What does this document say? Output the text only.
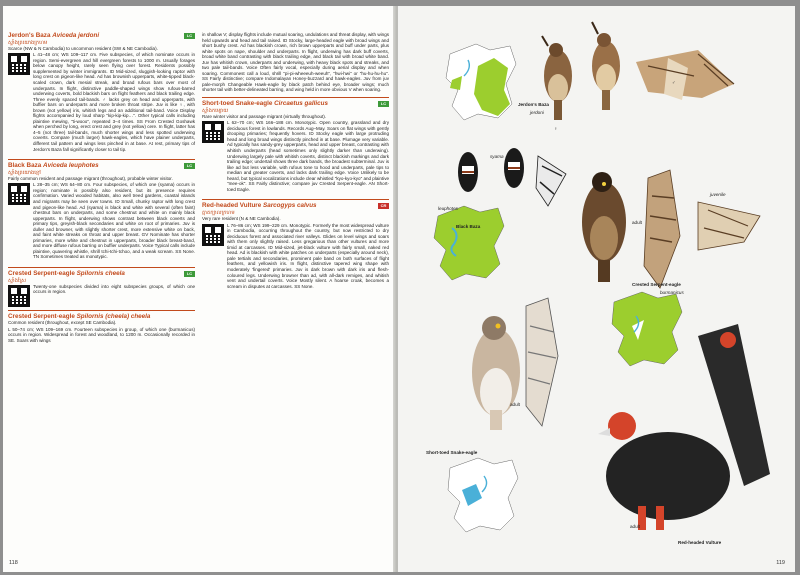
Jerdon's Baza Aviceda jerdoni	LC
ស្ទាំងត្រយោងក្រហម
Scarce (NW & N Cambodia) to uncommon resident (SW & NE Cambodia).
L 41–48 cm; WS 109–117 cm. Five subspecies, of which nominate occurs in region. Semi-evergreen and hill evergreen forests to 1000 m. Usually forages below canopy height, rarely seen flying over forest. Residents possibly supplemented by winter immigrants. ID Mid-sized, sluggish-looking raptor with long crest on pigeon-like head. Ad has brownish upperparts, white-tipped black-scaled crown, dark mesial streak, and broad rufous bars over most of underparts. In flight, distinctive paddle-shaped wings show rufous-barred underwing coverts, bold blackish bars on flight feathers and black trailing edge. Three evenly spaced tail-bands. ♂ lacks grey on head and upperparts, with buffier bars on underparts and more broken throat stripe. Juv is like ♀, with brown (not yellow) iris, whitish legs and an additional tail-band. Voice Display flights accompanied by loud sharp "kip-kip-kip…". Other typical calls including plaintive mewing, "ti-wooo", repeated 3–4 times. SS From Crested Goshawk when perched by long, erect crest and grey (not yellow) cere. In flight, latter has 4–5 (not three) tail-bands, much shorter wings and less spotted underwing coverts. Compare (much larger) hawk-eagles, which have plainer underparts, different tail pattern and wings less pinched in at base. At rest, primary tips of Jerdon's Baza fall significantly closer to tail tip.
Black Baza Aviceda leuphotes	LC
ស្ទាំងត្រយោងខ្មៅ
Fairly common resident and passage migrant (throughout), probable winter visitor.
L 28–35 cm; WS 64–80 cm. Four subspecies, of which one (syama) occurs in region; nominate is possibly also resident, but its presence requires confirmation. Varied wooded habitats, also well treed gardens, coastal islands and migrants may be seen over towns. ID Small, chunky raptor with long crest and pigeon-like head. Ad (syama) is black and white with several (often faint) chestnut bars on underparts, and some chestnut and white on mainly black upperparts. In flight, underwing shows contrast between black coverts and primary tips, greyish-black secondaries and white on root of primaries. Juv is duller and browner, with slightly shorter crest, more extensive white on back, and faint white streaks on throat and upper breast. GV Nominate has shorter primaries, more white and chestnut in upperparts, broader black breast-band, and more diffuse rufous barring on buffier underparts. Voice Typical calls include plaintive, quavering whistle, shrill tchi-tchi-tchoo, and a weak scream. SS None. TN Sometimes treated as monotypic.
Crested Serpent-eagle Spilornis cheela	LC
ស្ទាំងស្រែ
Twenty-one subspecies divided into eight subspecies groups, of which one occurs in region.
Crested Serpent-eagle Spilornis (cheela) cheela
Common resident (throughout, except SE Cambodia).
L 50–74 cm; WS 109–169 cm. Fourteen subspecies in group, of which one (burmanicus) occurs in region. Widespread in forest and woodland, to 1200 m. Occasionally recorded in SE. Soars with wings
in shallow V; display flights include mutual soaring, undulations and threat display, with wings held upwards and head and tail raised. ID Stocky, large-headed eagle with broad wings and short bushy crest. Ad has blackish crown, rich brown upperparts and buff under parts, plus white spots on nape, shoulder and underparts. In flight, underwing has dark buff coverts, broad white band contrasting with black trailing edge, and black tail with broad white band. Juv has whitish crown, underparts and underwing, with heavy black spots and streaks, and two pale tail-bands. Voice Often fairly vocal, especially during aerial display and when soaring. Commonest call a loud, shrill "pi-pi-wheeeuh-weeuh", "hwi-hwi" or "hu-hu-hu-hu". SS Fairly distinctive; compare Indomalayan Honey-buzzard and hawk-eagles. Juv from juv pale-morph Changeable Hawk-eagle by black patch behind eye, broader wings; much shorter tail with better-delineated barring, and wing held in more obvious V when soaring.
Short-toed Snake-eagle Circaetus gallicus	LC
ស្ទាំងកម្សោយ
Rare winter visitor and passage migrant (virtually throughout).
L 62–70 cm; WS 166–188 cm. Monotypic. Open country, grassland and dry deciduous forest in lowlands. Records Aug–May. Soars on flat wings with gently drooping primaries; frequently hovers. ID Stocky eagle with large protruding head and long broad wings distinctly pinched in at base. Plumage very variable. Ad typically has sandy-grey upperparts, head and upper breast, contrasting with whitish underparts (head sometimes only slightly darker than underwing). Underwing largely pale with whitish coverts, distinct blackish markings and dark trailing edge; undertail shows three dark bands, the broadest subterminal. Juv is like ad but less variable, with rufous tone to hood and underparts, pale tips to median and greater coverts, and lacks dark trailing edge. Voice Unlikely to be heard, but typical vocalizations include clear whistled "kyo-kyo-kyo" and plaintive "mee-ok". SS Fairly distinctive; compare juv Crested Serpent-eagle. AN Short-toed Eagle.
Red-headed Vulture Sarcogyps calvus	CR
ត្មាតក្បាលក្រហម
Very rare resident (N & NE Cambodia).
L 76–86 cm; WS 199–229 cm. Monotypic. Formerly the most widespread vulture in Cambodia, occurring throughout the country, but now restricted to dry deciduous forest and associated river valleys. Glides on level wings and soars with them only slightly raised. Less gregarious than other vultures and more timid at carcasses. ID Mid-sized, jet-black vulture with fairly small, naked red head. Ad is blackish with white patches on underparts (especially around neck), pale tertials and secondaries, prominent pale band on both surfaces of flight feathers, and yellowish iris. In flight, distinctive tapered wing shape with moderately 'fingered' primaries. Juv is dark brown with dark iris and flesh-coloured legs. Underwing browner than ad, with all-dark remiges, and whitish vent and undertail coverts. Voice Mostly silent. A hoarse croak, becomes a scream in disputes at carcasses. SS None.
118
Jerdon's Baza
jerdoni
♀
♂
syama
leuphotes
Black Baza
adult
juvenile
Crested Serpent-eagle
burmanicus
adult
Short-toed Snake-eagle
adult
Red-headed Vulture
119
